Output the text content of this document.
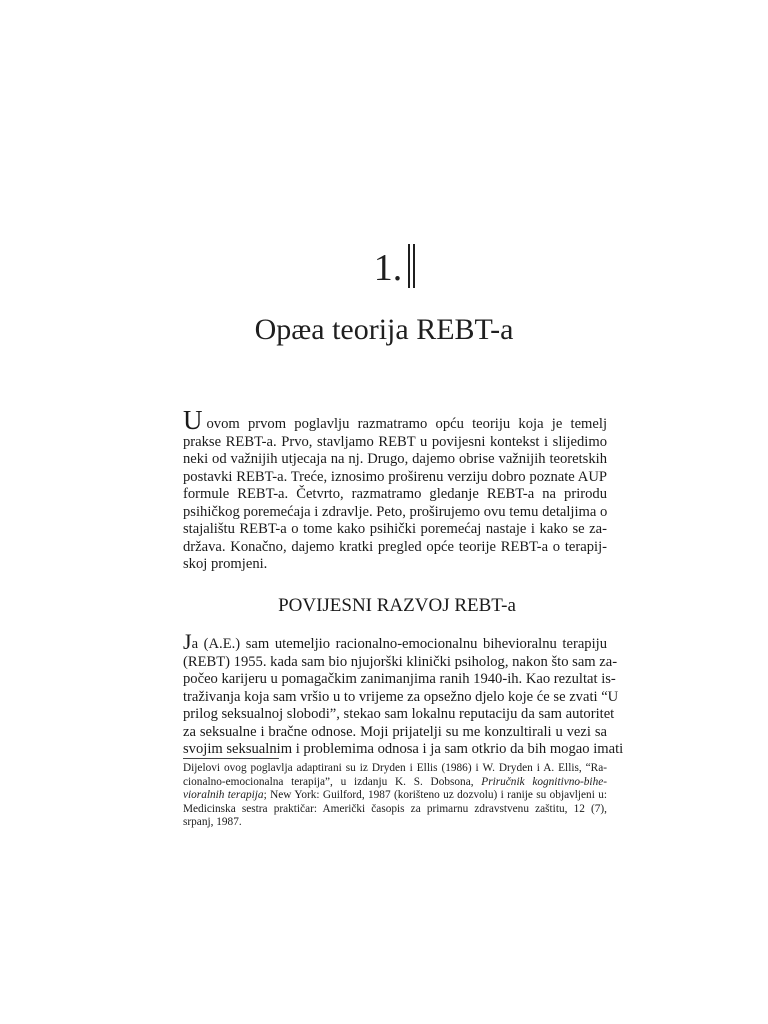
1.
Opæa teorija REBT-a
Uovom prvom poglavlju razmatramo opću teoriju koja je temelj
prakse REBT-a. Prvo, stavljamo REBT u povijesni kontekst i slijedimo
neki od važnijih utjecaja na nj. Drugo, dajemo obrise važnijih teoretskih
postavki REBT-a. Treće, iznosimo proširenu verziju dobro poznate AUP
formule REBT-a. Četvrto, razmatramo gledanje REBT-a na prirodu
psihičkog poremećaja i zdravlje. Peto, proširujemo ovu temu detaljima o
stajalištu REBT-a o tome kako psihički poremećaj nastaje i kako se za-
država. Konačno, dajemo kratki pregled opće teorije REBT-a o terapij-
skoj promjeni.
POVIJESNI RAZVOJ REBT-a
Ja (A.E.) sam utemeljio racionalno-emocionalnu bihevioralnu terapiju
(REBT) 1955. kada sam bio njujorški klinički psiholog, nakon što sam za-
počeo karijeru u pomagačkim zanimanjima ranih 1940-ih. Kao rezultat is-
traživanja koja sam vršio u to vrijeme za opsežno djelo koje će se zvati “U
prilog seksualnoj slobodi”, stekao sam lokalnu reputaciju da sam autoritet
za seksualne i bračne odnose. Moji prijatelji su me konzultirali u vezi sa
svojim seksualnim i problemima odnosa i ja sam otkrio da bih mogao imati
Dijelovi ovog poglavlja adaptirani su iz Dryden i Ellis (1986) i W. Dryden i A. Ellis, “Ra-
cionalno-emocionalna terapija”, u izdanju K. S. Dobsona, Priručnik kognitivno-bihe-
vioralnih terapija; New York: Guilford, 1987 (korišteno uz dozvolu) i ranije su objavljeni u:
Medicinska sestra praktičar: Američki časopis za primarnu zdravstvenu zaštitu, 12 (7),
srpanj, 1987.
